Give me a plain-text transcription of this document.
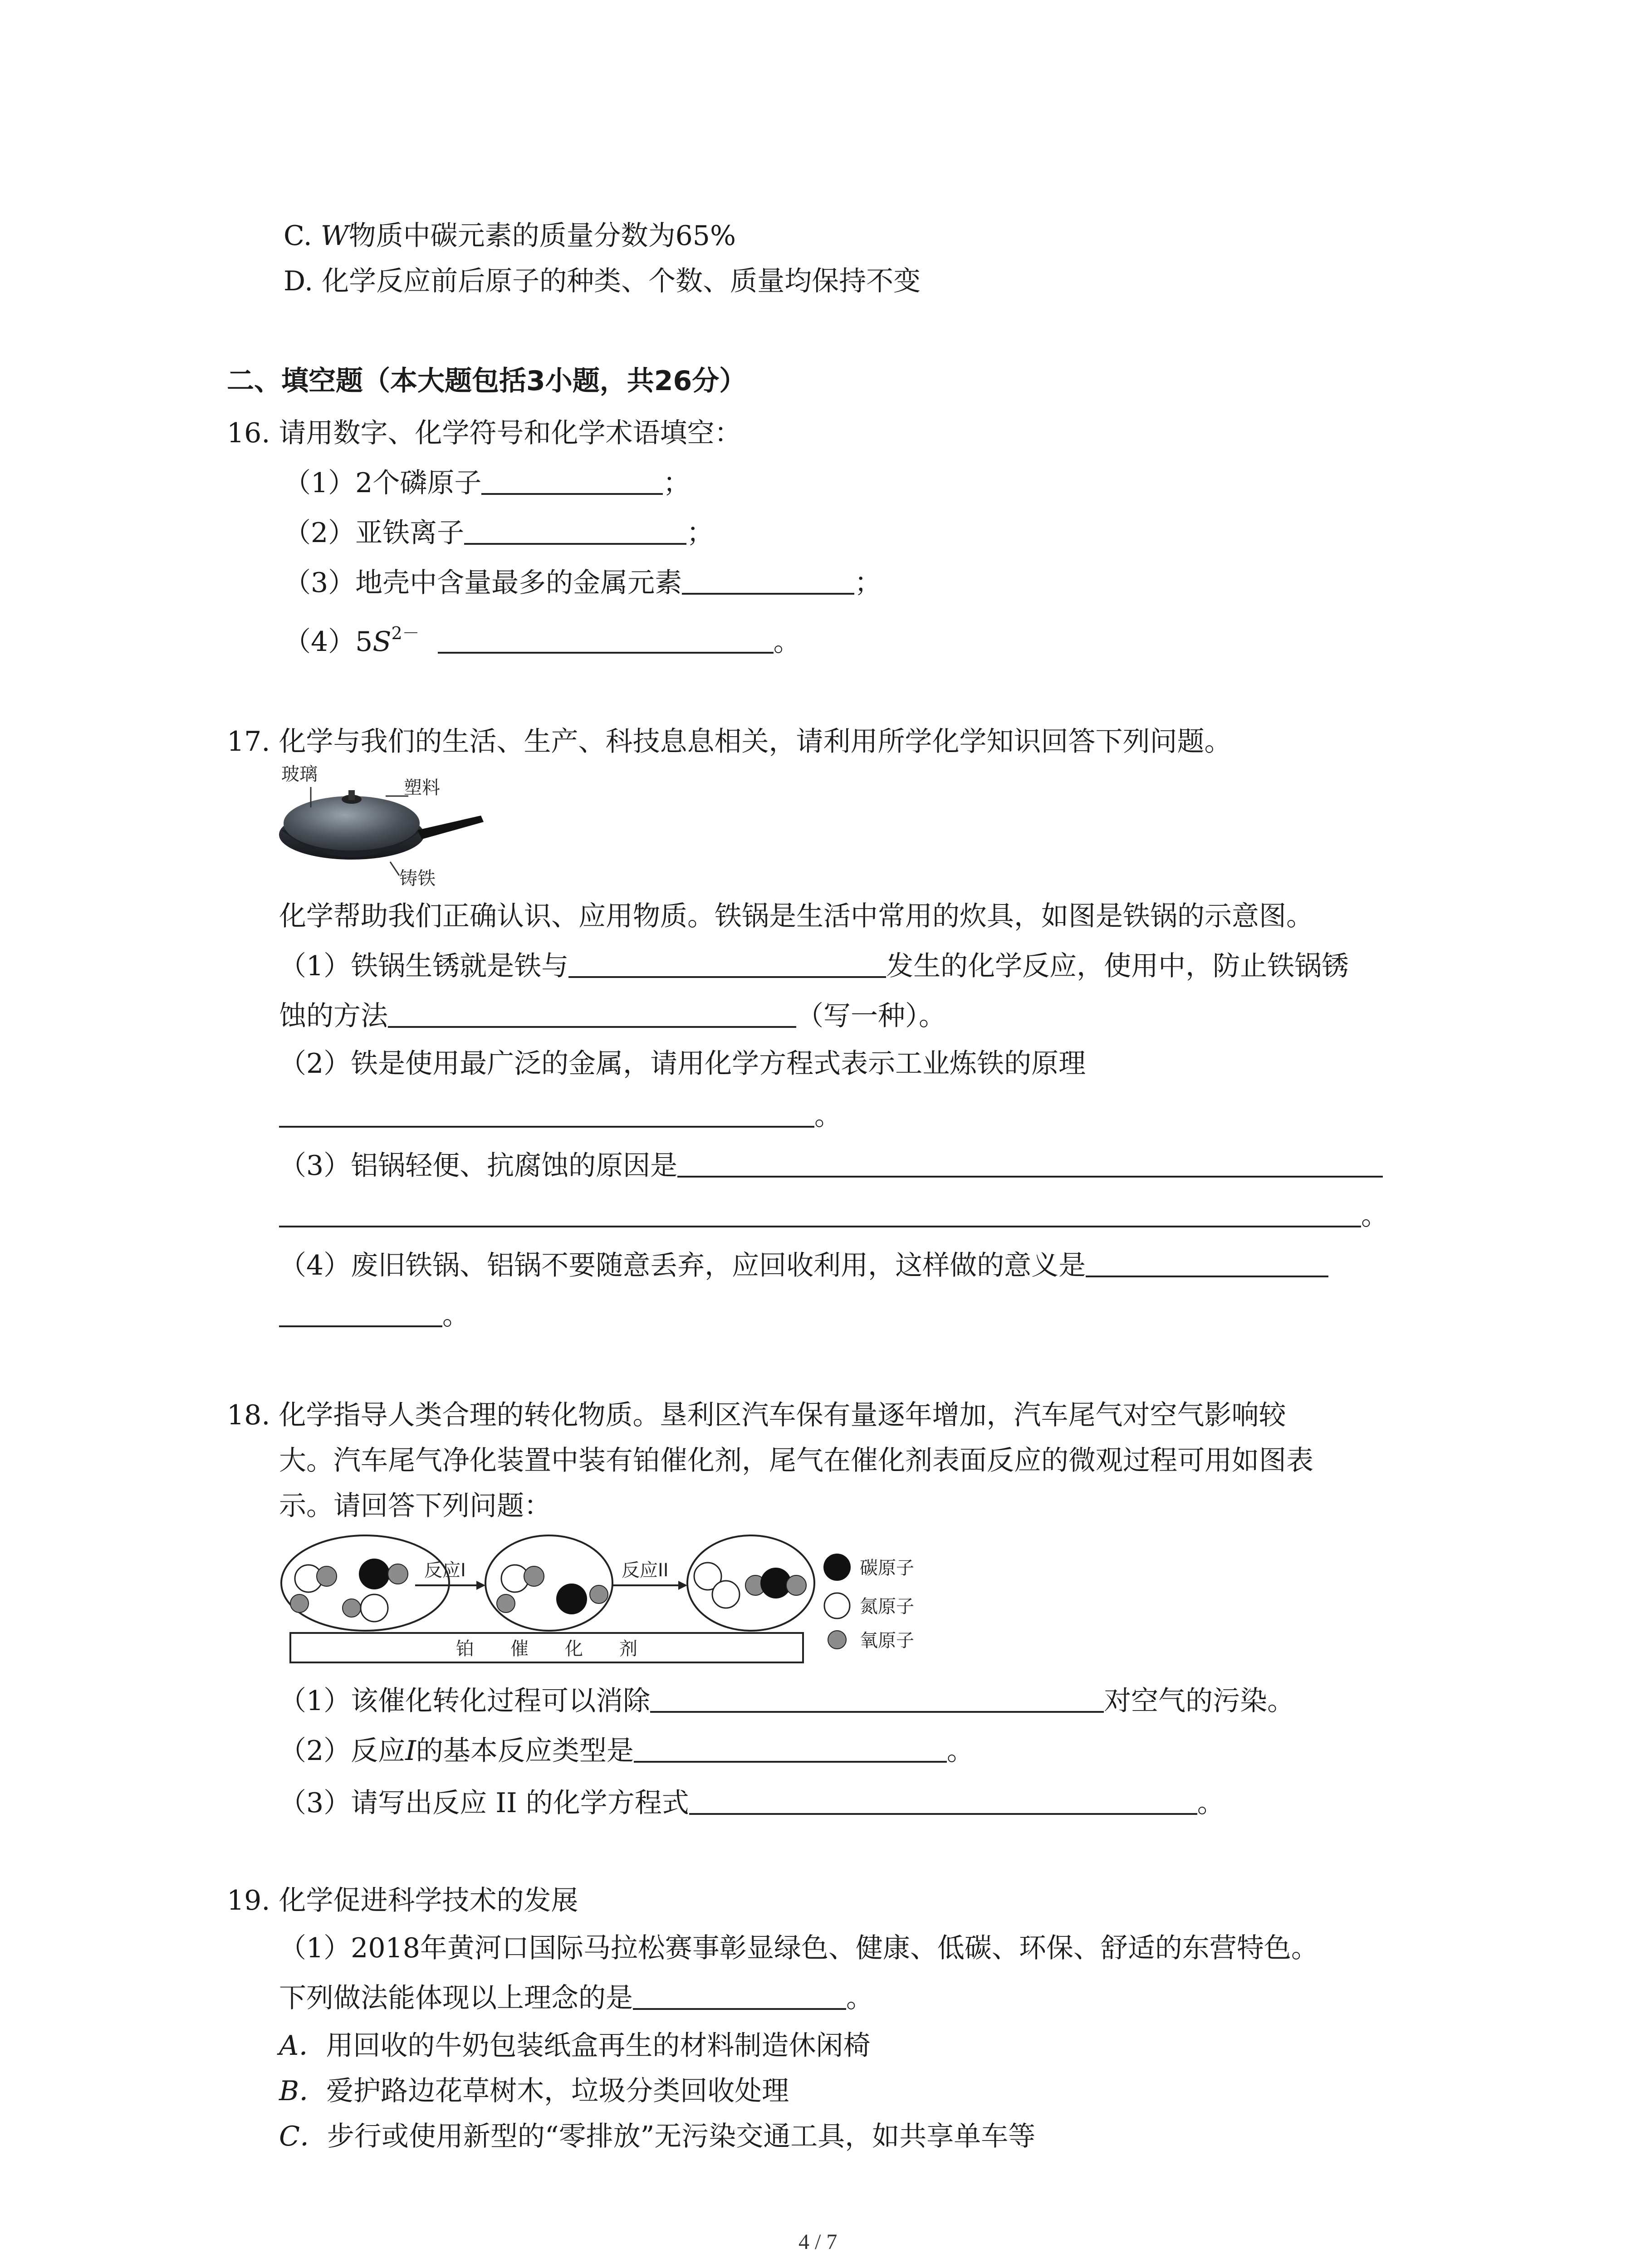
C. W物质中碳元素的质量分数为65%
D. 化学反应前后原子的种类、个数、质量均保持不变
二、填空题（本大题包括3小题，共26分）
16. 请用数字、化学符号和化学术语填空：
（1）2个磷原子	；
（2）亚铁离子	；
（3）地壳中含量最多的金属元素	；
$(4)5S^{2-}$	。
17. 化学与我们的生活、生产、科技息息相关，请利用所学化学知识回答下列问题。
玻璃
塑料
铸铁
化学帮助我们正确认识、应用物质。铁锅是生活中常用的炊具，如图是铁锅的示意图。
（1）铁锅生锈就是铁与	发生的化学反应，使用中，防止铁锅锈
蚀的方法	（写一种）。
（2）铁是使用最广泛的金属，请用化学方程式表示工业炼铁的原理
。
（3）铝锅轻便、抗腐蚀的原因是
。
（4）废旧铁锅、铝锅不要随意丢弃，应回收利用，这样做的意义是
。
18. 化学指导人类合理的转化物质。垦利区汽车保有量逐年增加，汽车尾气对空气影响较
大。汽车尾气净化装置中装有铂催化剂，尾气在催化剂表面反应的微观过程可用如图表
示。请回答下列问题：
反应I	反应II
铂　　催　　化　　剂
碳原子
氮原子
氧原子
（1）该催化转化过程可以消除	对空气的污染。
（2）反应I的基本反应类型是	。
（3）请写出反应 II 的化学方程式	。
19. 化学促进科学技术的发展
（1）2018年黄河口国际马拉松赛事彰显绿色、健康、低碳、环保、舒适的东营特色。
下列做法能体现以上理念的是	。
A．用回收的牛奶包装纸盒再生的材料制造休闲椅
B．爱护路边花草树木，垃圾分类回收处理
C．步行或使用新型的“零排放”无污染交通工具，如共享单车等
4 / 7
